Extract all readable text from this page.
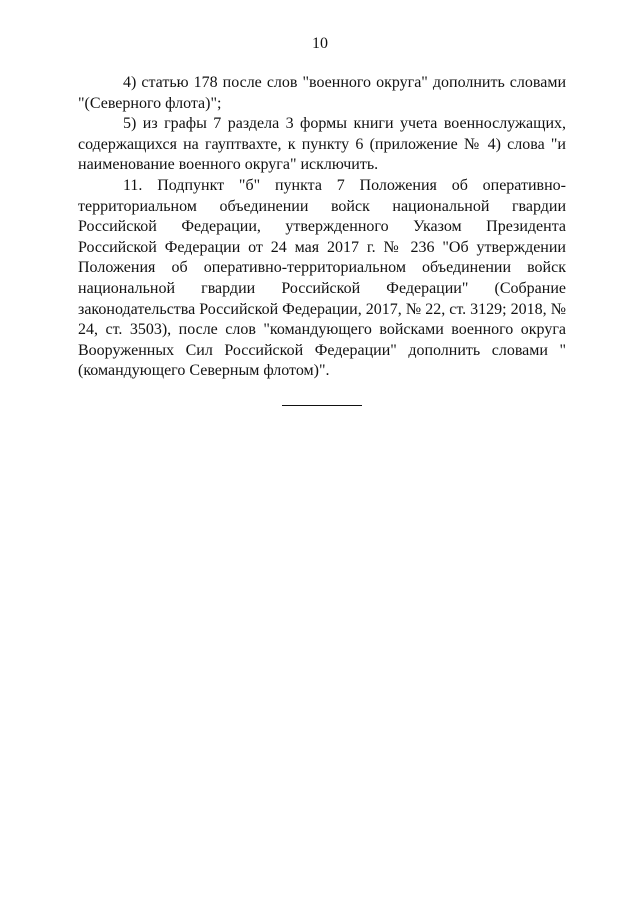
10

4) статью 178 после слов "военного округа" дополнить словами "(Северного флота)";

5) из графы 7 раздела 3 формы книги учета военнослужащих, содержащихся на гауптвахте, к пункту 6 (приложение № 4) слова "и наименование военного округа" исключить.

11. Подпункт "б" пункта 7 Положения об оперативно-территориальном объединении войск национальной гвардии Российской Федерации, утвержденного Указом Президента Российской Федерации от 24 мая 2017 г. № 236 "Об утверждении Положения об оперативно-территориальном объединении войск национальной гвардии Российской Федерации" (Собрание законодательства Российской Федерации, 2017, № 22, ст. 3129; 2018, № 24, ст. 3503), после слов "командующего войсками военного округа Вооруженных Сил Российской Федерации" дополнить словами "(командующего Северным флотом)".
